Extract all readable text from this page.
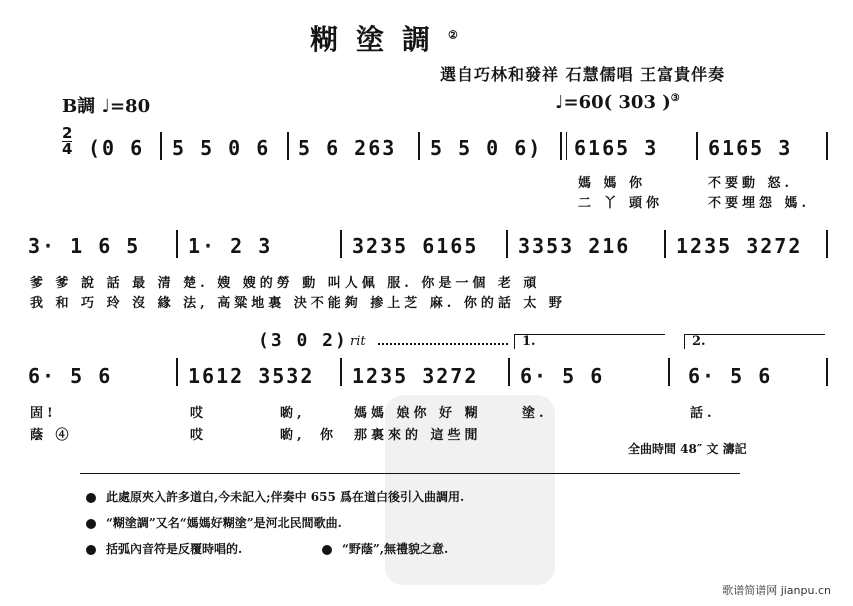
糊塗調②
選自巧林和發祥 石慧儒唱 王富貴伴奏
B調 ♩=80	♩=60( 303 )③
2
4 (0 6 5 5 0 6 5 6 263 5 5 0 6) 6165 3 6165 3
媽 媽 你	不要動 怒.
二 丫 頭你	不要埋怨 媽.
3· 1 6 5 1· 2 3	3235 6165 3353 216 1235 3272
爹 爹 說 話 最 清 楚. 嫂 嫂的勞 動 叫人佩 服. 你是一個 老 頑
我 和 巧 玲 沒 緣 法, 高粱地裏 決不能夠 掺上芝 麻. 你的話 太 野
(3 0 2) rit	1.	2.
6· 5 6	1612 3532 1235 3272 6· 5 6	6· 5 6
固!	哎	喲,	媽媽 娘你 好 糊	塗.	話.
蔭 ④	哎	喲, 你 那裏來的 這些閒
全曲時間 48″ 文 濤記
此處原夾入許多道白,今未記入;伴奏中 655 爲在道白後引入曲調用.
“糊塗調”又名“媽媽好糊塗”是河北民間歌曲.
括弧內音符是反覆時唱的.	“野蔭”,無禮貌之意.
歌谱简谱网 jianpu.cn
